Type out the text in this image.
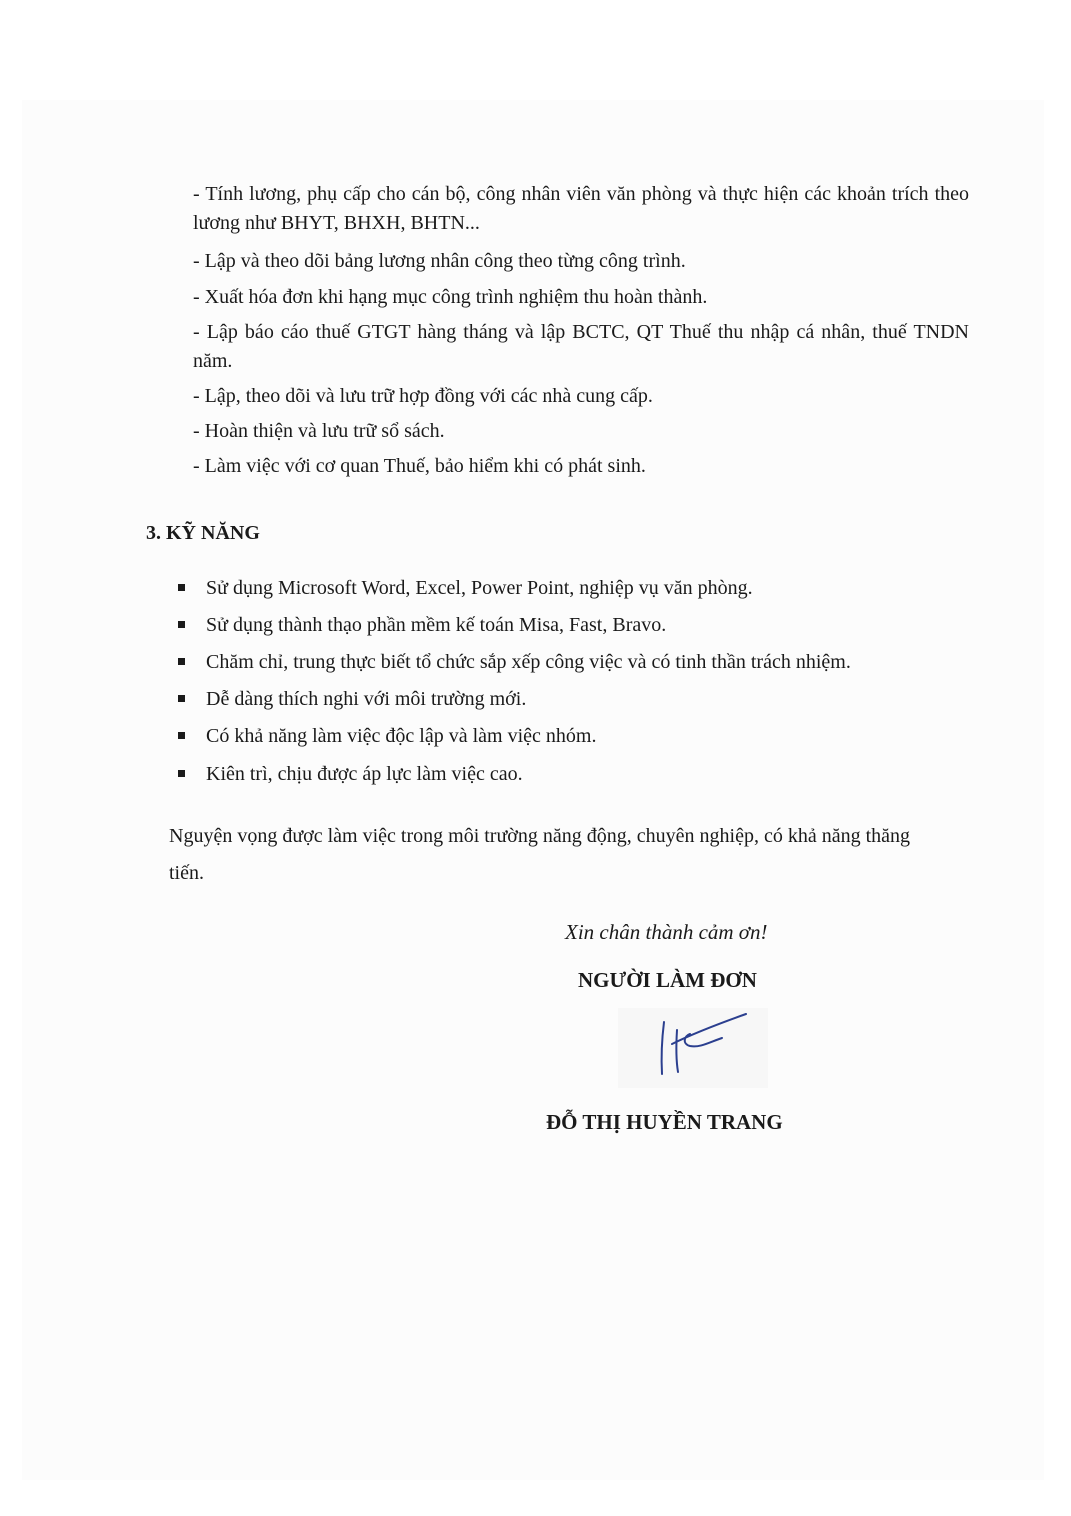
- Tính lương, phụ cấp cho cán bộ, công nhân viên văn phòng và thực hiện các khoản trích theo lương như BHYT, BHXH, BHTN...

- Lập và theo dõi bảng lương nhân công theo từng công trình.

- Xuất hóa đơn khi hạng mục công trình nghiệm thu hoàn thành.

- Lập báo cáo thuế GTGT hàng tháng và lập BCTC, QT Thuế thu nhập cá nhân, thuế TNDN năm.

- Lập, theo dõi và lưu trữ hợp đồng với các nhà cung cấp.

- Hoàn thiện và lưu trữ sổ sách.

- Làm việc với cơ quan Thuế, bảo hiểm khi có phát sinh.

3. KỸ NĂNG

Sử dụng Microsoft Word, Excel, Power Point, nghiệp vụ văn phòng.

Sử dụng thành thạo phần mềm kế toán Misa, Fast, Bravo.

Chăm chỉ, trung thực biết tổ chức sắp xếp công việc và có tinh thần trách nhiệm.

Dễ dàng thích nghi với môi trường mới.

Có khả năng làm việc độc lập và làm việc nhóm.

Kiên trì, chịu được áp lực làm việc cao.

Nguyện vọng được làm việc trong môi trường năng động, chuyên nghiệp, có khả năng thăng tiến.

Xin chân thành cảm ơn!

NGƯỜI LÀM ĐƠN

ĐỖ THỊ HUYỀN TRANG
